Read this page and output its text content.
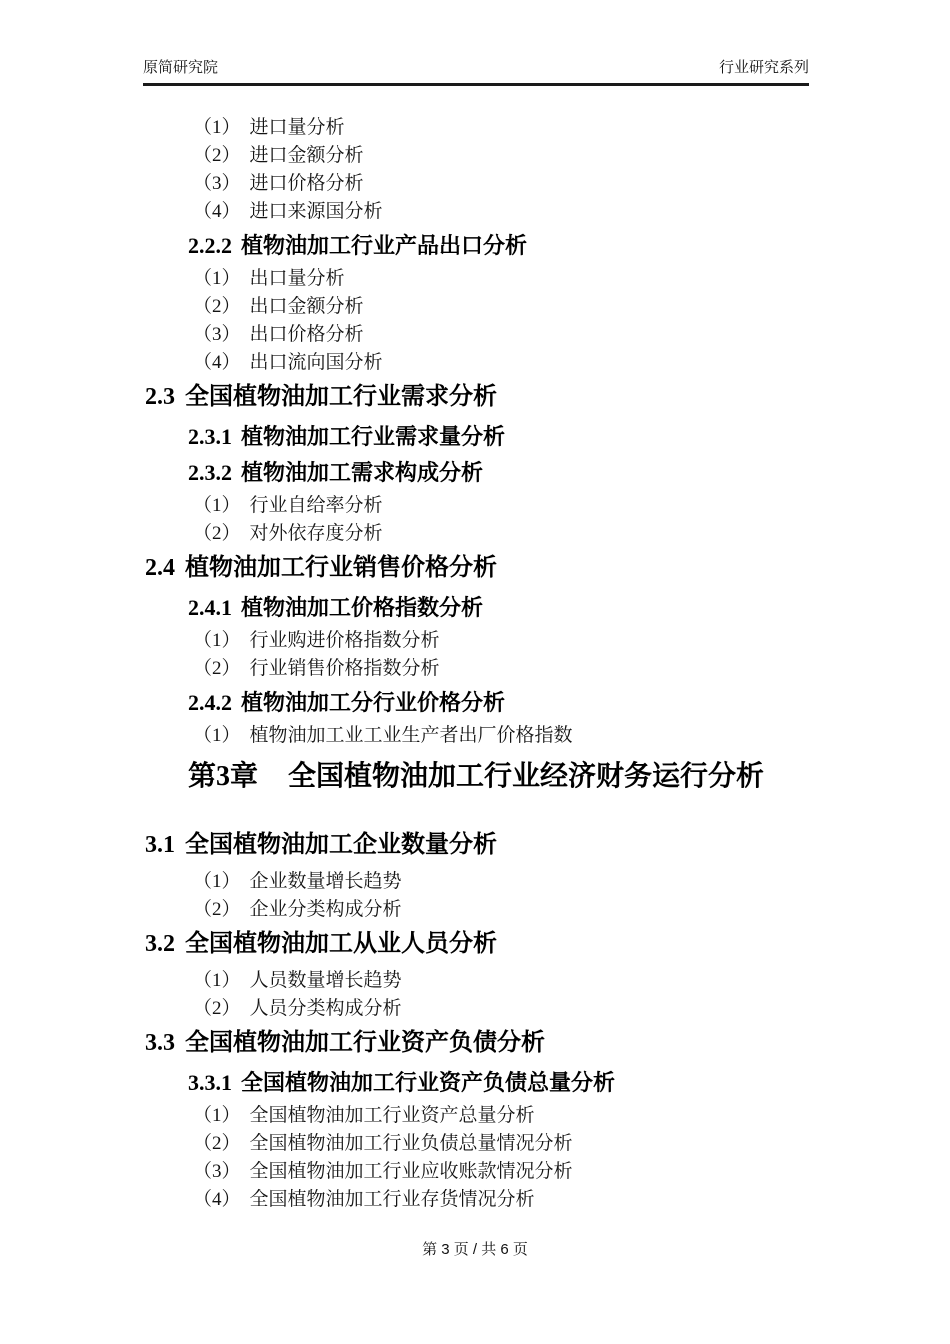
原简研究院	行业研究系列
（1） 进口量分析
（2） 进口金额分析
（3） 进口价格分析
（4） 进口来源国分析
2.2.2 植物油加工行业产品出口分析
（1） 出口量分析
（2） 出口金额分析
（3） 出口价格分析
（4） 出口流向国分析
2.3 全国植物油加工行业需求分析
2.3.1 植物油加工行业需求量分析
2.3.2 植物油加工需求构成分析
（1） 行业自给率分析
（2） 对外依存度分析
2.4 植物油加工行业销售价格分析
2.4.1 植物油加工价格指数分析
（1） 行业购进价格指数分析
（2） 行业销售价格指数分析
2.4.2 植物油加工分行业价格分析
（1） 植物油加工业工业生产者出厂价格指数
第3章 全国植物油加工行业经济财务运行分析
3.1 全国植物油加工企业数量分析
（1） 企业数量增长趋势
（2） 企业分类构成分析
3.2 全国植物油加工从业人员分析
（1） 人员数量增长趋势
（2） 人员分类构成分析
3.3 全国植物油加工行业资产负债分析
3.3.1 全国植物油加工行业资产负债总量分析
（1） 全国植物油加工行业资产总量分析
（2） 全国植物油加工行业负债总量情况分析
（3） 全国植物油加工行业应收账款情况分析
（4） 全国植物油加工行业存货情况分析
第 3 页 / 共 6 页
